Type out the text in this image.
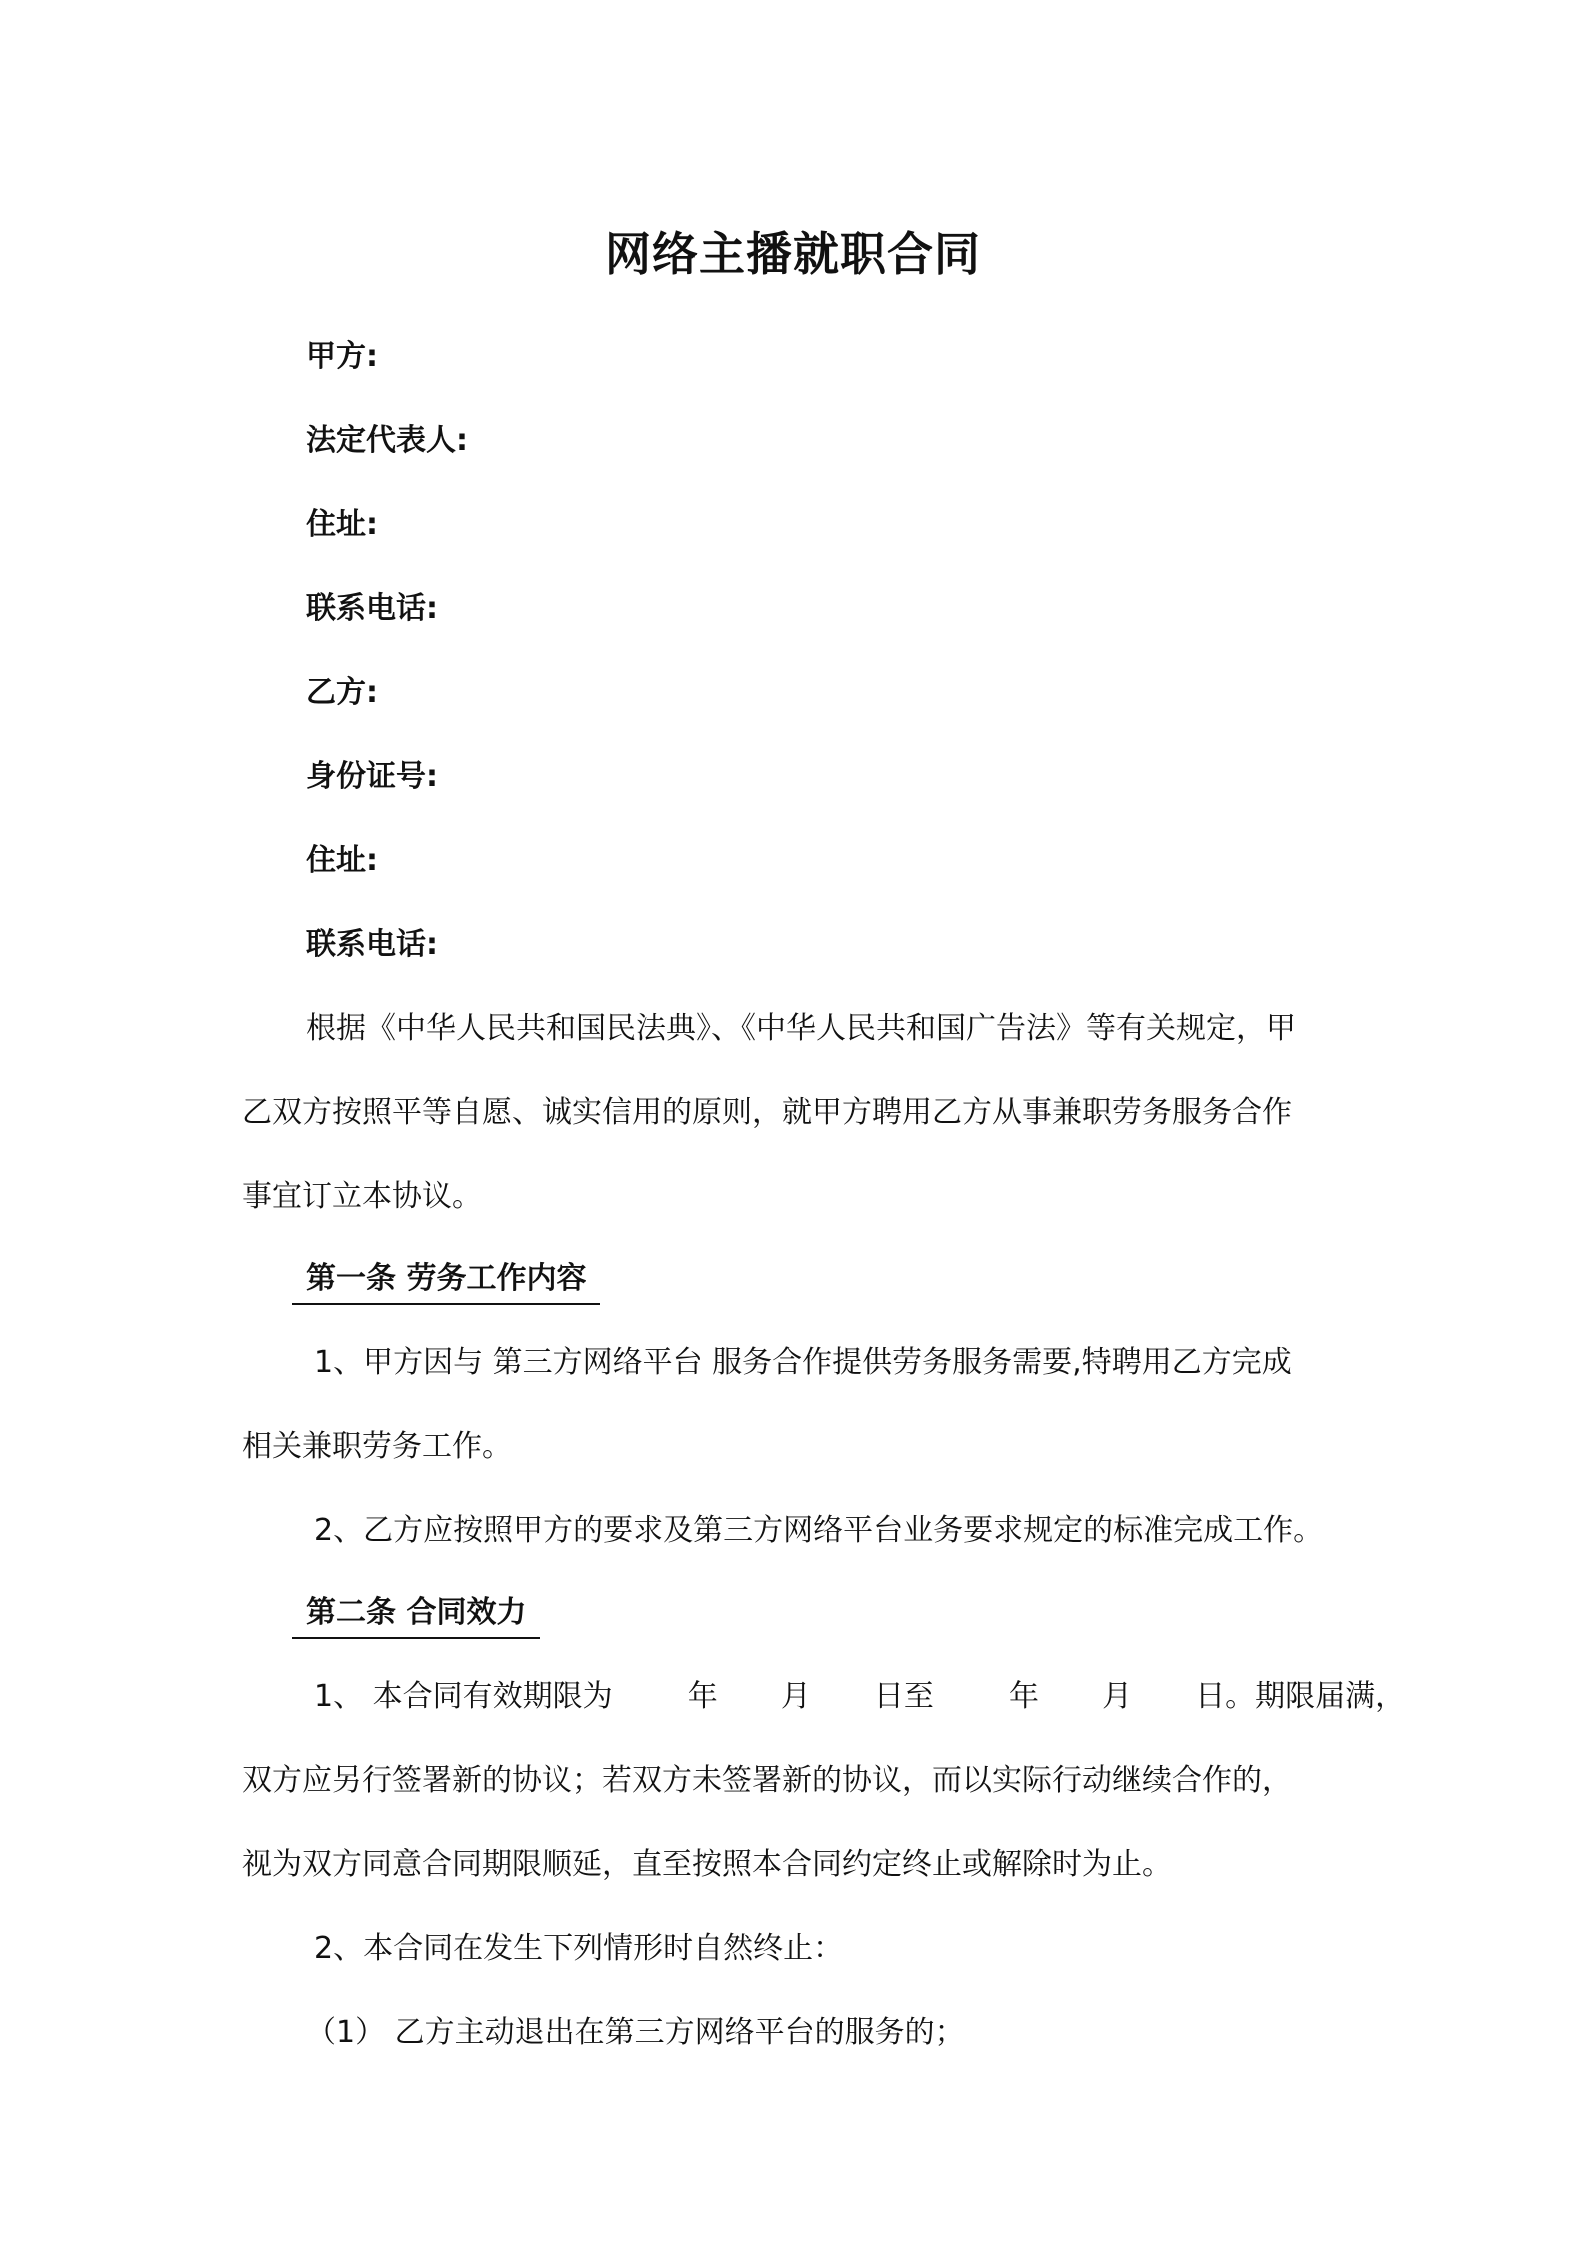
网络主播就职合同
甲方:
法定代表人:
住址:
联系电话:
乙方:
身份证号:
住址:
联系电话:
根据《中华人民共和国民法典》、《中华人民共和国广告法》等有关规定，甲
乙双方按照平等自愿、诚实信用的原则，就甲方聘用乙方从事兼职劳务服务合作
事宜订立本协议。
第一条 劳务工作内容
1、甲方因与 第三方网络平台 服务合作提供劳务服务需要,特聘用乙方完成
相关兼职劳务工作。
2、乙方应按照甲方的要求及第三方网络平台业务要求规定的标准完成工作。
第二条 合同效力
1、 本合同有效期限为	年 月 日至	年 月 日。期限届满，
双方应另行签署新的协议；若双方未签署新的协议，而以实际行动继续合作的，
视为双方同意合同期限顺延，直至按照本合同约定终止或解除时为止。
2、本合同在发生下列情形时自然终止：
（1） 乙方主动退出在第三方网络平台的服务的；
